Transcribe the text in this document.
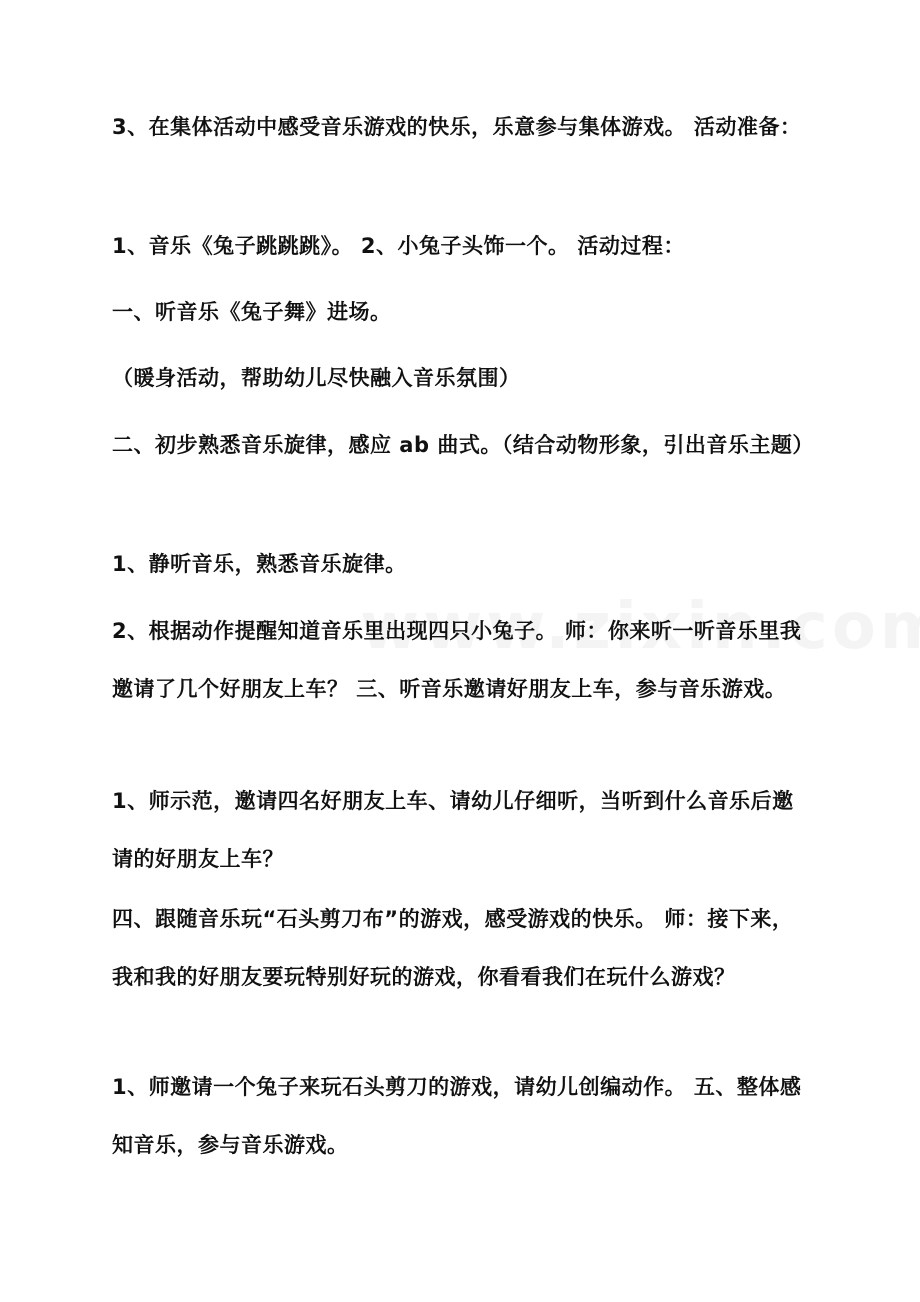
3、在集体活动中感受音乐游戏的快乐，乐意参与集体游戏。 活动准备：

1、音乐《兔子跳跳跳》。 2、小兔子头饰一个。 活动过程：

一、听音乐《兔子舞》进场。

（暖身活动，帮助幼儿尽快融入音乐氛围）

二、初步熟悉音乐旋律，感应 ab 曲式。（结合动物形象，引出音乐主题）

1、静听音乐，熟悉音乐旋律。

2、根据动作提醒知道音乐里出现四只小兔子。 师：你来听一听音乐里我邀请了几个好朋友上车？ 三、听音乐邀请好朋友上车，参与音乐游戏。

1、师示范，邀请四名好朋友上车、请幼儿仔细听，当听到什么音乐后邀请的好朋友上车？

四、跟随音乐玩“石头剪刀布”的游戏，感受游戏的快乐。 师：接下来，我和我的好朋友要玩特别好玩的游戏，你看看我们在玩什么游戏？

1、师邀请一个兔子来玩石头剪刀的游戏，请幼儿创编动作。 五、整体感知音乐，参与音乐游戏。
